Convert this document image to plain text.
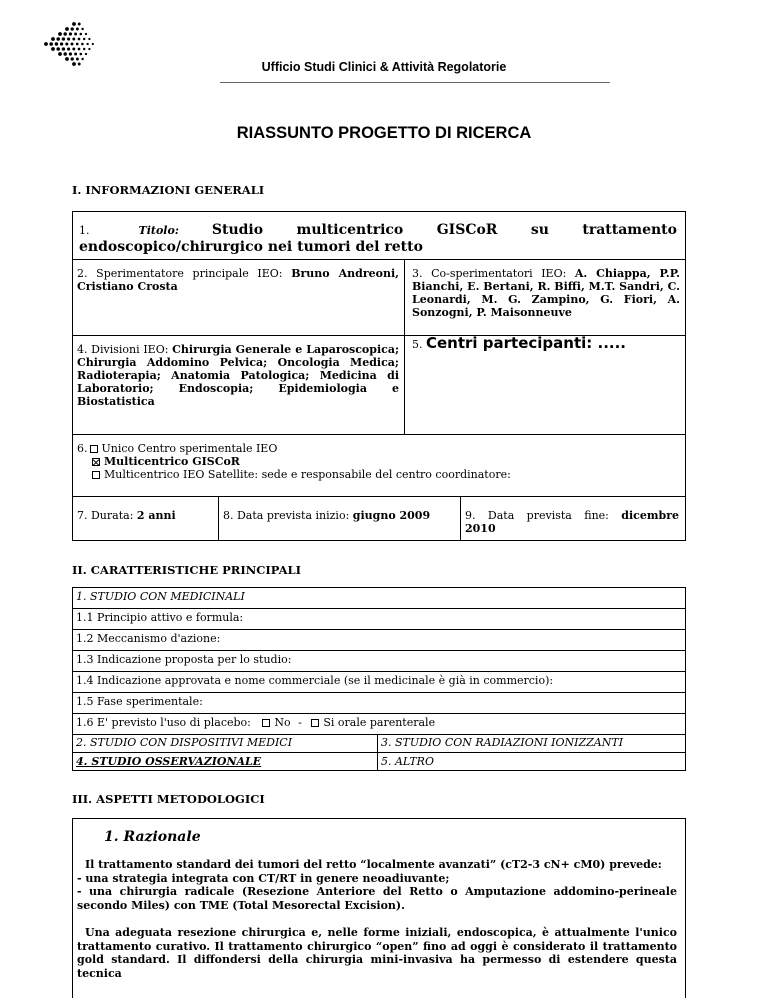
Ufficio Studi Clinici & Attività Regolatorie
RIASSUNTO PROGETTO DI RICERCA
I. INFORMAZIONI GENERALI
1.	Titolo: Studio multicentrico GISCoR su trattamento endoscopico/chirurgico nei tumori del retto
2. Sperimentatore principale IEO: Bruno Andreoni, Cristiano Crosta
3. Co-sperimentatori IEO: A. Chiappa, P.P. Bianchi, E. Bertani, R. Biffi, M.T. Sandri, C. Leonardi, M. G. Zampino, G. Fiori, A. Sonzogni, P. Maisonneuve
4. Divisioni IEO: Chirurgia Generale e Laparoscopica; Chirurgia Addomino Pelvica; Oncologia Medica; Radioterapia; Anatomia Patologica; Medicina di Laboratorio; Endoscopia; Epidemiologia e Biostatistica
5. Centri partecipanti: .....
6. Unico Centro sperimentale IEO
Multicentrico GISCoR
Multicentrico IEO Satellite: sede e responsabile del centro coordinatore:
7. Durata: 2 anni	8. Data prevista inizio: giugno 2009	9. Data prevista fine: dicembre 2010
II. CARATTERISTICHE PRINCIPALI
1. STUDIO CON MEDICINALI
1.1 Principio attivo e formula:
1.2 Meccanismo d'azione:
1.3 Indicazione proposta per lo studio:
1.4 Indicazione approvata e nome commerciale (se il medicinale è già in commercio):
1.5 Fase sperimentale:
1.6 E' previsto l'uso di placebo: No - Si orale parenterale
2. STUDIO CON DISPOSITIVI MEDICI	3. STUDIO CON RADIAZIONI IONIZZANTI
4. STUDIO OSSERVAZIONALE	5. ALTRO
III. ASPETTI METODOLOGICI
1. Razionale
Il trattamento standard dei tumori del retto “localmente avanzati” (cT2-3 cN+ cM0) prevede:
- una strategia integrata con CT/RT in genere neoadiuvante;
- una chirurgia radicale (Resezione Anteriore del Retto o Amputazione addomino-perineale secondo Miles) con TME (Total Mesorectal Excision).
Una adeguata resezione chirurgica e, nelle forme iniziali, endoscopica, è attualmente l'unico trattamento curativo. Il trattamento chirurgico “open” fino ad oggi è considerato il trattamento gold standard. Il diffondersi della chirurgia mini-invasiva ha permesso di estendere questa tecnica
